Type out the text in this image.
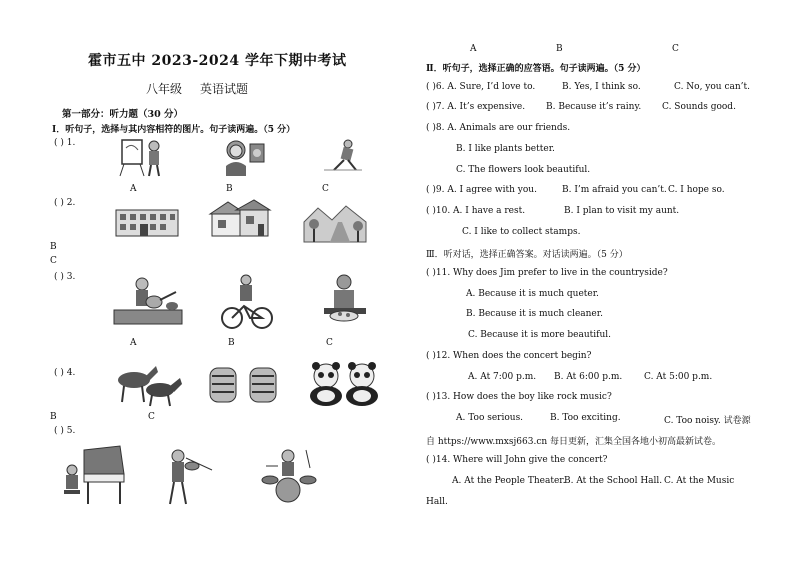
霍市五中 2023-2024 学年下期中考试
八年级 英语试题
第一部分：听力题（30 分）
Ⅰ．听句子，选择与其内容相符的图片。句子读两遍。（5 分）
( ) 1.
A	B	C
( ) 2.
B
C
( ) 3.
A	B	C
( ) 4.
B	C
( ) 5.
A	B	C
Ⅱ．听句子，选择正确的应答语。句子读两遍。（5 分）
( )6. A. Sure, I’d love to.	B. Yes, I think so.	C. No, you can’t.
( )7. A. It’s expensive. B. Because it’s rainy. C. Sounds good.
( )8. A. Animals are our friends.
B. I like plants better.
C. The flowers look beautiful.
( )9. A. I agree with you.	B. I’m afraid you can’t. C. I hope so.
( )10. A. I have a rest.	B. I plan to visit my aunt.
C. I like to collect stamps.
Ⅲ．听对话，选择正确答案。对话读两遍。（5 分）
( )11. Why does Jim prefer to live in the countryside?
A. Because it is much queter.
B. Because it is much cleaner.
C. Because it is more beautiful.
( )12. When does the concert begin?
A. At 7:00 p.m. B. At 6:00 p.m. C. At 5:00 p.m.
( )13. How does the boy like rock music?
A. Too serious.	B. Too exciting.	C. Too noisy. 试卷源
自 https://www.mxsj663.cn 每日更新，汇集全国各地小初高最新试卷。
( )14. Where will John give the concert?
A. At the People Theater.
B. At the School Hall. C. At the Music
Hall.
